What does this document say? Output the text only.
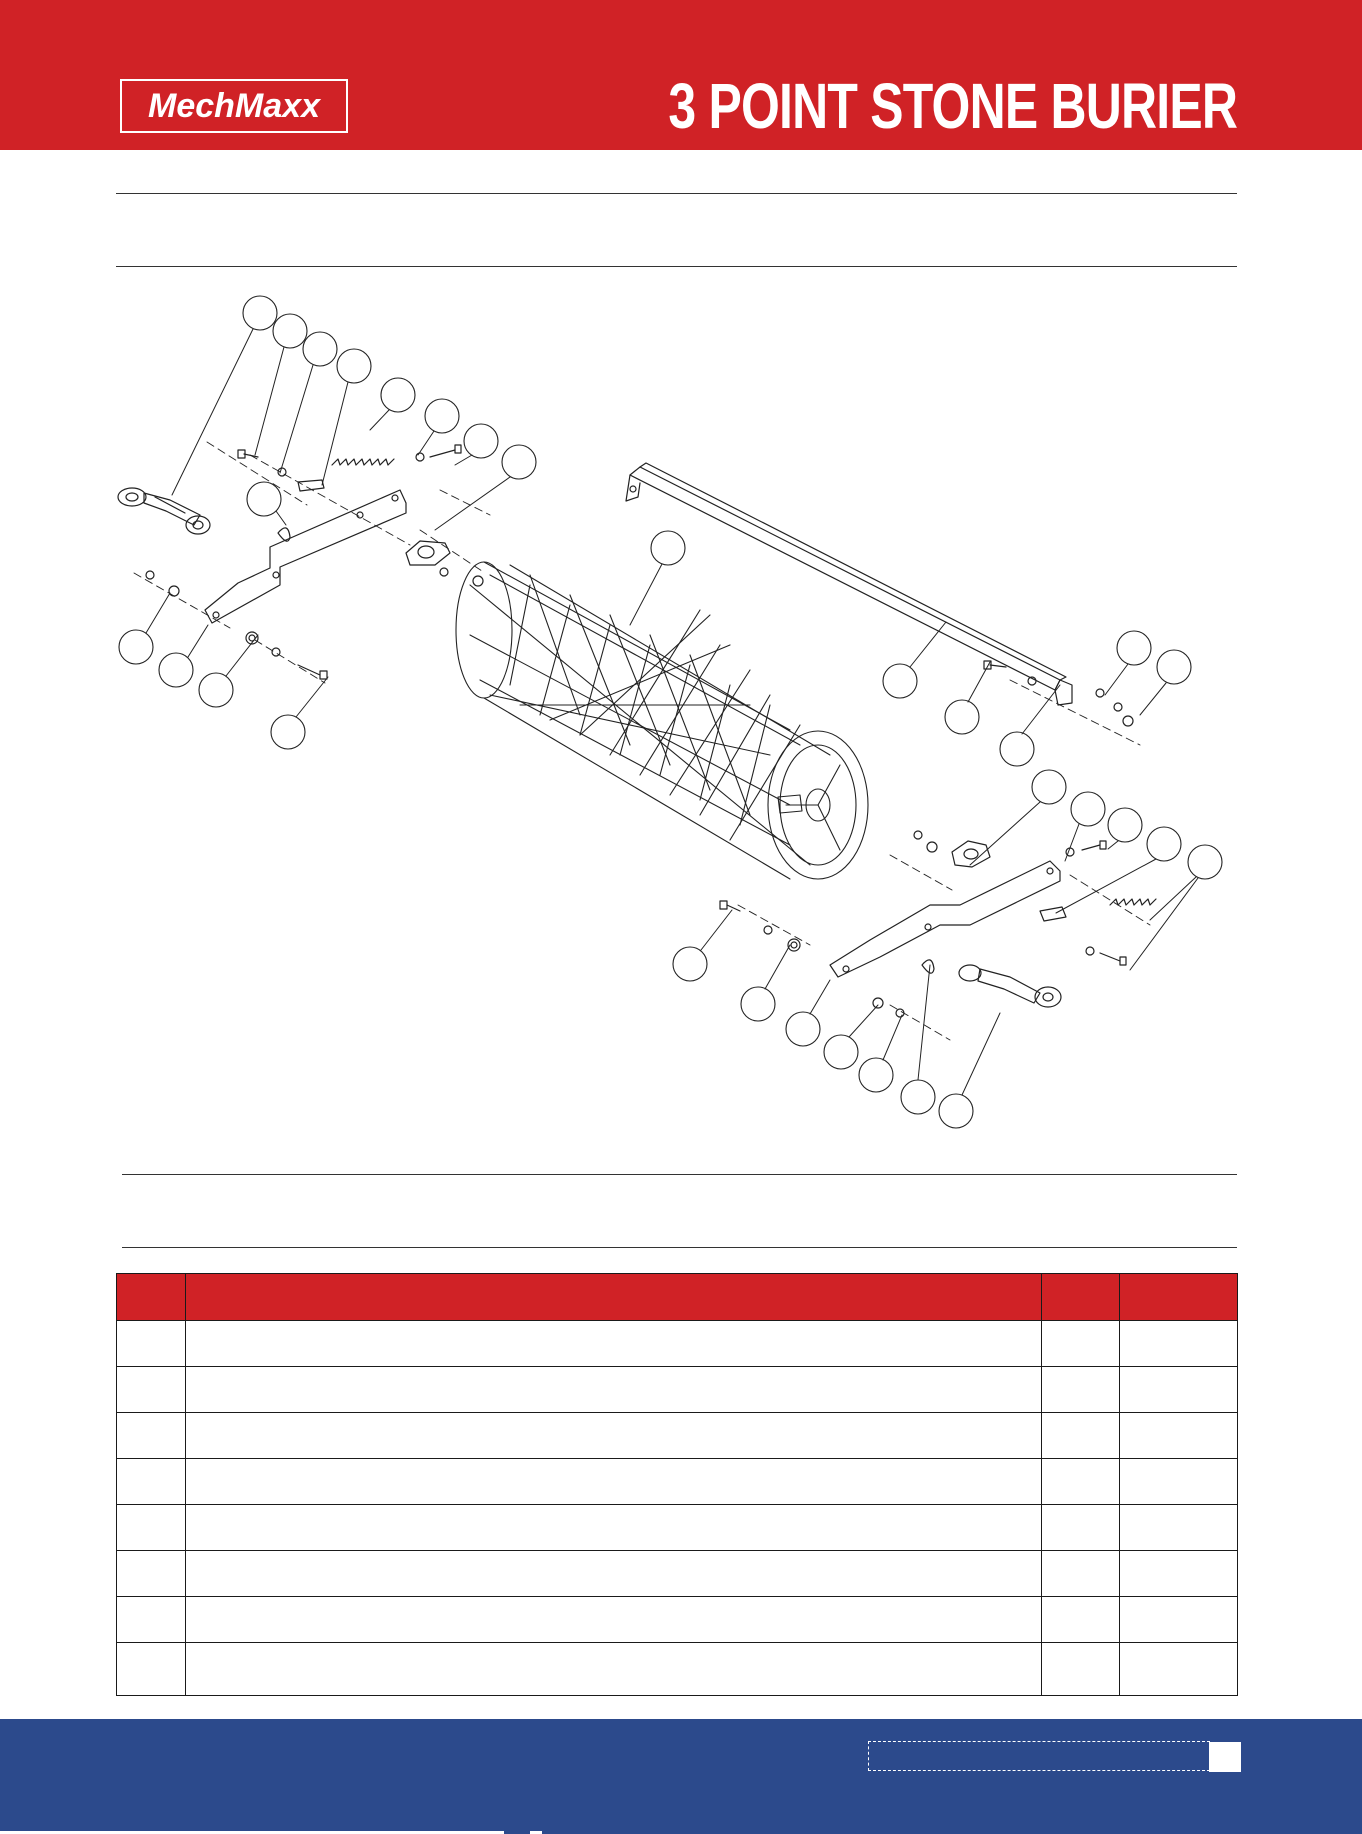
MechMaxx	3 POINT STONE BURIER
